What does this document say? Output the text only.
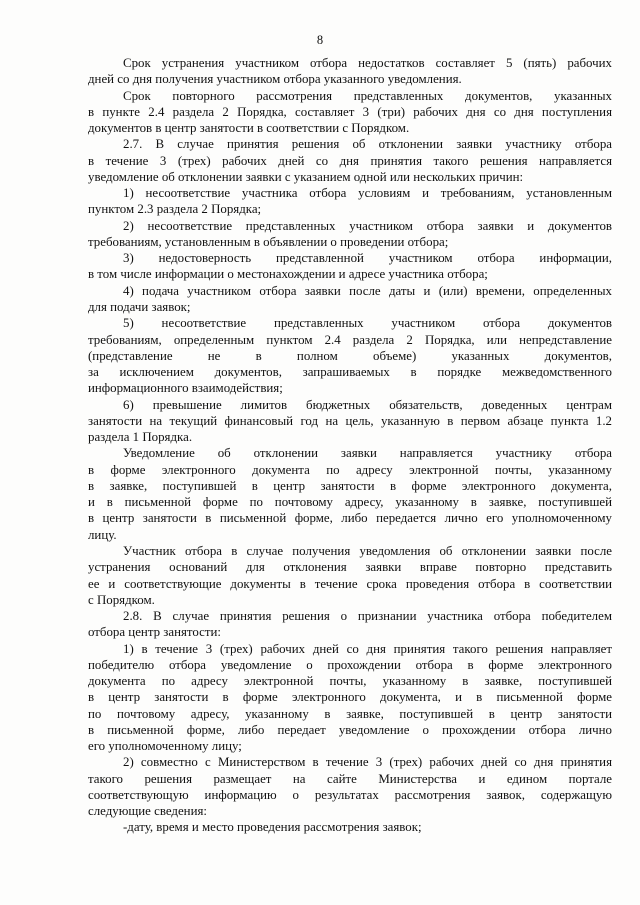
8
Срок устранения участником отбора недостатков составляет 5 (пять) рабочих
дней со дня получения участником отбора указанного уведомления.
Срок повторного рассмотрения представленных документов, указанных
в пункте 2.4 раздела 2 Порядка, составляет 3 (три) рабочих дня со дня поступления
документов в центр занятости в соответствии с Порядком.
2.7. В случае принятия решения об отклонении заявки участнику отбора
в течение 3 (трех) рабочих дней со дня принятия такого решения направляется
уведомление об отклонении заявки с указанием одной или нескольких причин:
1) несоответствие участника отбора условиям и требованиям, установленным
пунктом 2.3 раздела 2 Порядка;
2) несоответствие представленных участником отбора заявки и документов
требованиям, установленным в объявлении о проведении отбора;
3) недостоверность представленной участником отбора информации,
в том числе информации о местонахождении и адресе участника отбора;
4) подача участником отбора заявки после даты и (или) времени, определенных
для подачи заявок;
5) несоответствие представленных участником отбора документов
требованиям, определенным пунктом 2.4 раздела 2 Порядка, или непредставление
(представление не в полном объеме) указанных документов,
за исключением документов, запрашиваемых в порядке межведомственного
информационного взаимодействия;
6) превышение лимитов бюджетных обязательств, доведенных центрам
занятости на текущий финансовый год на цель, указанную в первом абзаце пункта 1.2
раздела 1 Порядка.
Уведомление об отклонении заявки направляется участнику отбора
в форме электронного документа по адресу электронной почты, указанному
в заявке, поступившей в центр занятости в форме электронного документа,
и в письменной форме по почтовому адресу, указанному в заявке, поступившей
в центр занятости в письменной форме, либо передается лично его уполномоченному
лицу.
Участник отбора в случае получения уведомления об отклонении заявки после
устранения оснований для отклонения заявки вправе повторно представить
ее и соответствующие документы в течение срока проведения отбора в соответствии
с Порядком.
2.8. В случае принятия решения о признании участника отбора победителем
отбора центр занятости:
1) в течение 3 (трех) рабочих дней со дня принятия такого решения направляет
победителю отбора уведомление о прохождении отбора в форме электронного
документа по адресу электронной почты, указанному в заявке, поступившей
в центр занятости в форме электронного документа, и в письменной форме
по почтовому адресу, указанному в заявке, поступившей в центр занятости
в письменной форме, либо передает уведомление о прохождении отбора лично
его уполномоченному лицу;
2) совместно с Министерством в течение 3 (трех) рабочих дней со дня принятия
такого решения размещает на сайте Министерства и едином портале
соответствующую информацию о результатах рассмотрения заявок, содержащую
следующие сведения:
-дату, время и место проведения рассмотрения заявок;
